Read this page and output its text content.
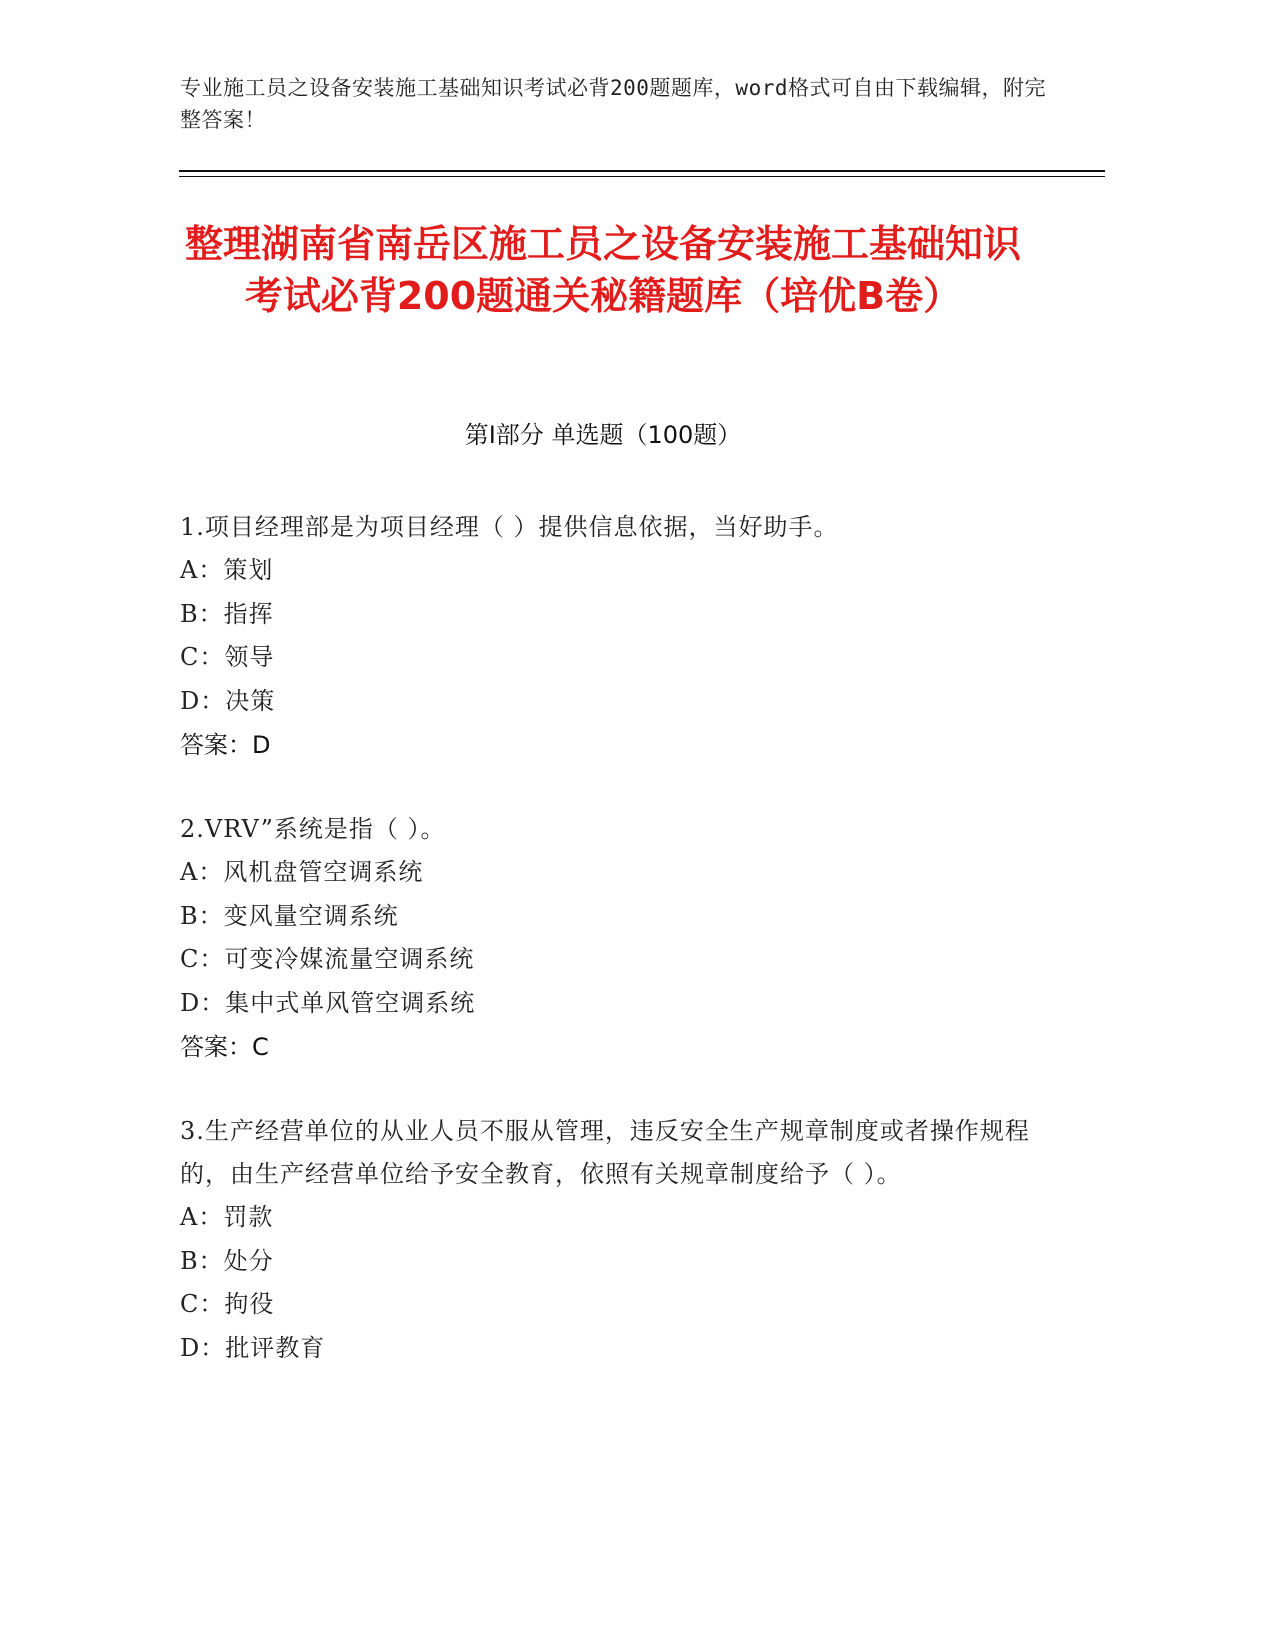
专业施工员之设备安装施工基础知识考试必背200题题库，word格式可自由下载编辑，附完整答案！
整理湖南省南岳区施工员之设备安装施工基础知识考试必背200题通关秘籍题库（培优B卷）
第I部分 单选题（100题）
1.项目经理部是为项目经理（ ）提供信息依据，当好助手。
A：策划
B：指挥
C：领导
D：决策
答案：D
2.VRV”系统是指（ ）。
A：风机盘管空调系统
B：变风量空调系统
C：可变冷媒流量空调系统
D：集中式单风管空调系统
答案：C
3.生产经营单位的从业人员不服从管理，违反安全生产规章制度或者操作规程的，由生产经营单位给予安全教育，依照有关规章制度给予（ ）。
A：罚款
B：处分
C：拘役
D：批评教育
